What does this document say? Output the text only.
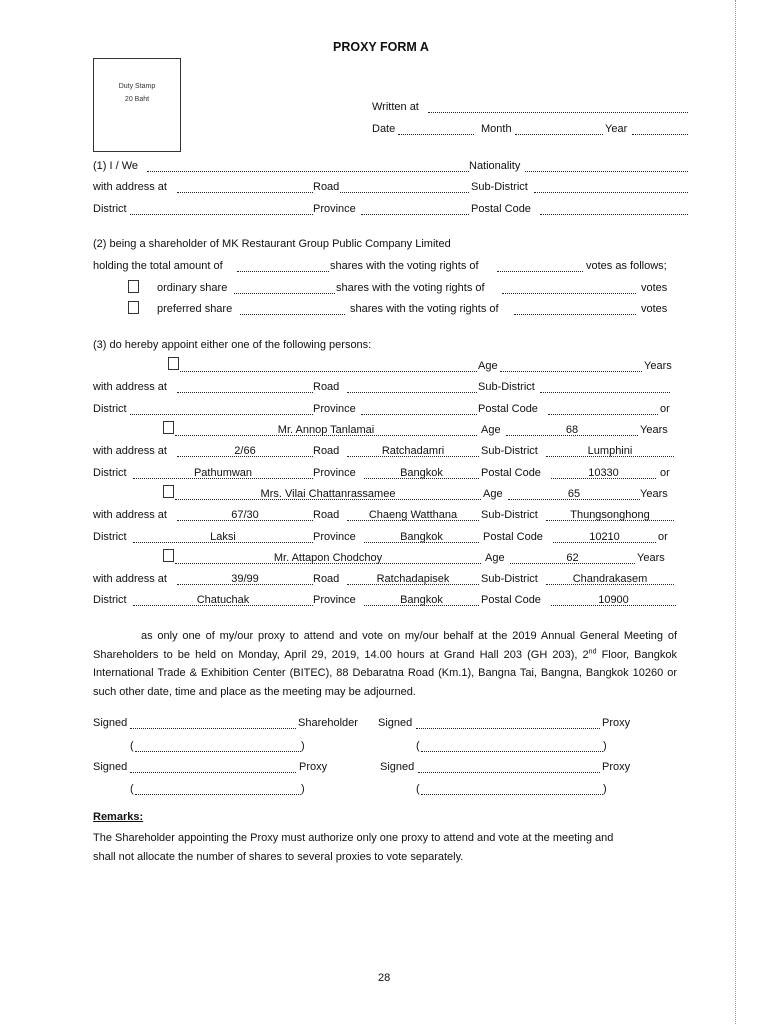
PROXY FORM A
Duty Stamp
20 Baht
Written at
Date	Month	Year
(1) I / We	Nationality
with address at	Road	Sub-District
District	Province	Postal Code
(2) being a shareholder of MK Restaurant Group Public Company Limited
holding the total amount of	shares with the voting rights of	votes as follows;
ordinary share	shares with the voting rights of	votes
preferred share	shares with the voting rights of	votes
(3) do hereby appoint either one of the following persons:
Age	Years
with address at	Road	Sub-District
District	Province	Postal Code	or
Mr. Annop Tanlamai	Age	68	Years
with address at	2/66	Road	Ratchadamri	Sub-District	Lumphini
District	Pathumwan	Province	Bangkok	Postal Code	10330	or
Mrs. Vilai Chattanrassamee	Age	65	Years
with address at	67/30	Road	Chaeng Watthana	Sub-District	Thungsonghong
District	Laksi	Province	Bangkok	Postal Code	10210	or
Mr. Attapon Chodchoy	Age	62	Years
with address at	39/99	Road	Ratchadapisek	Sub-District	Chandrakasem
District	Chatuchak	Province	Bangkok	Postal Code	10900
as only one of my/our proxy to attend and vote on my/our behalf at the 2019 Annual General Meeting of Shareholders to be held on Monday, April 29, 2019, 14.00 hours at Grand Hall 203 (GH 203), 2nd Floor, Bangkok International Trade & Exhibition Center (BITEC), 88 Debaratna Road (Km.1), Bangna Tai, Bangna, Bangkok 10260 or such other date, time and place as the meeting may be adjourned.
Signed	Shareholder Signed	Proxy
(	)	(	)
Signed	Proxy	Signed	Proxy
(	)	(	)
Remarks:
The Shareholder appointing the Proxy must authorize only one proxy to attend and vote at the meeting and
shall not allocate the number of shares to several proxies to vote separately.
28
